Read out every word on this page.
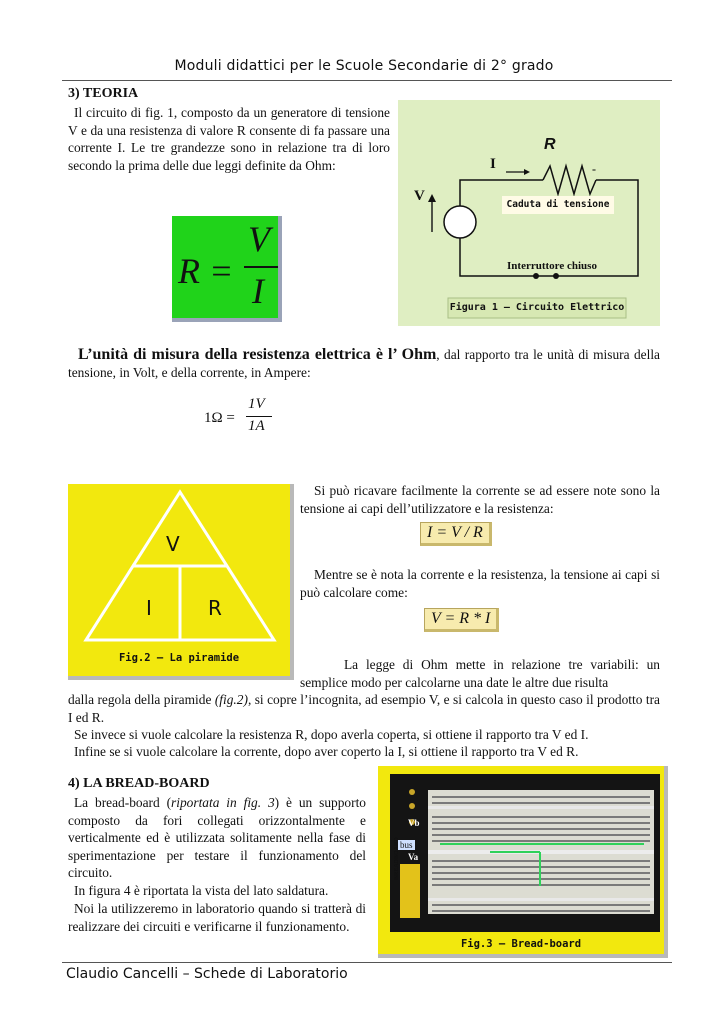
Moduli didattici per le Scuole Secondarie di 2° grado
3) TEORIA
Il circuito di fig. 1, composto da un generatore di tensione V e da una resistenza di valore R consente di fa passare una corrente I. Le tre grandezze sono in relazione tra di loro secondo la prima delle due leggi definite da Ohm:
R =
V
I
R
I	-
V
Caduta di tensione
Interruttore chiuso
Figura 1 – Circuito Elettrico
L’unità di misura della resistenza elettrica è l’ Ohm, dal rapporto tra le unità di misura della tensione, in Volt, e della corrente, in Ampere:
1Ω =
1V
1A
V
I	R
Fig.2 – La piramide
Si può ricavare facilmente la corrente se ad essere note sono la tensione ai capi dell’utilizzatore e la resistenza:
I = V / R
Mentre se è nota la corrente e la resistenza, la tensione ai capi si può calcolare come:
V = R * I
La legge di Ohm mette in relazione tre variabili: un semplice modo per calcolarne una date le altre due risulta
dalla regola della piramide (fig.2), si copre l’incognita, ad esempio V, e si calcola in questo caso il prodotto tra I ed R.
Se invece si vuole calcolare la resistenza R, dopo averla coperta, si ottiene il rapporto tra V ed I.
Infine se si vuole calcolare la corrente, dopo aver coperto la I, si ottiene il rapporto tra V ed R.
4) LA BREAD-BOARD
La bread-board (riportata in fig. 3) è un supporto composto da fori collegati orizzontalmente e verticalmente ed è utilizzata solitamente nella fase di sperimentazione per testare il funzionamento del circuito.
In figura 4 è riportata la vista del lato saldatura.
Noi la utilizzeremo in laboratorio quando si tratterà di realizzare dei circuiti e verificarne il funzionamento.
bus
Vb
Va
BREADBOARD
Fig.3 – Bread-board
Claudio Cancelli – Schede di Laboratorio
